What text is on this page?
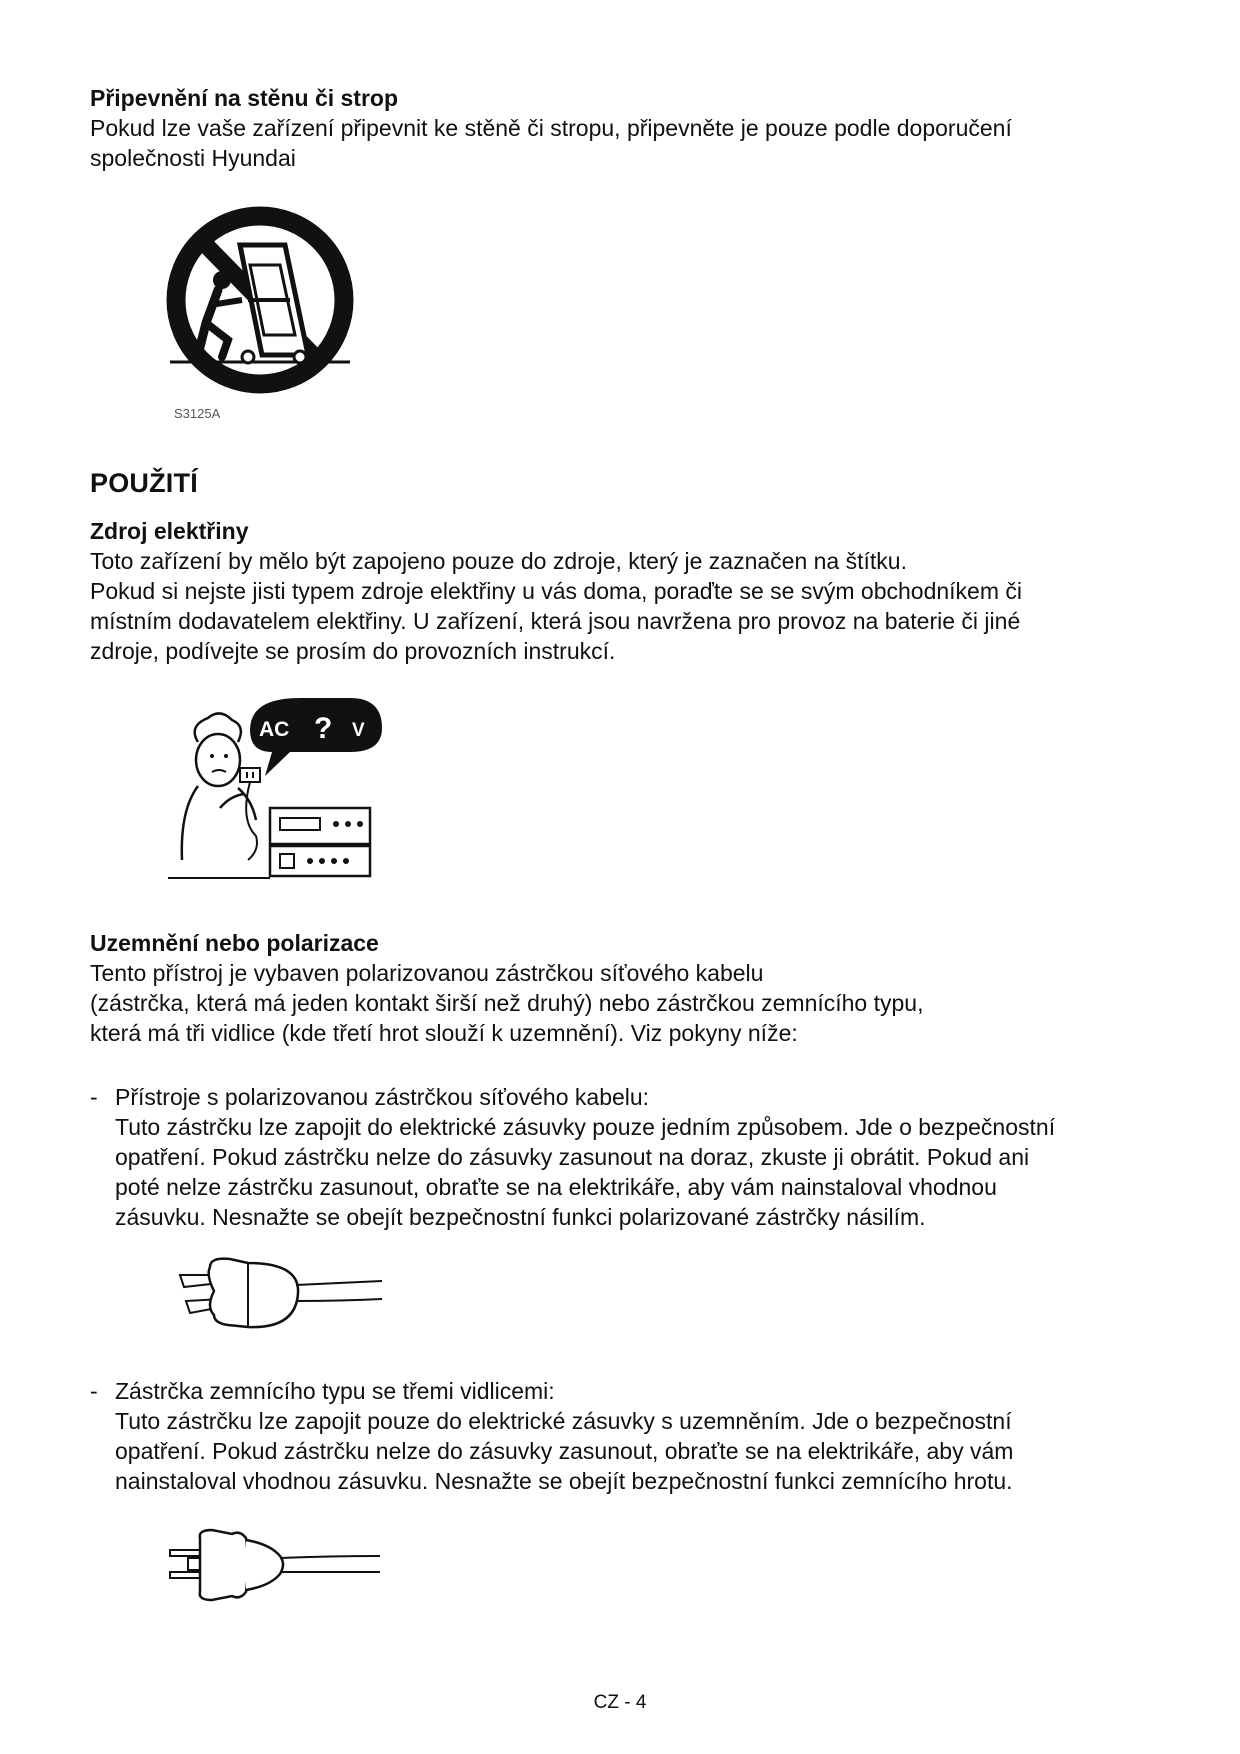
Připevnění na stěnu či strop
Pokud lze vaše zařízení připevnit ke stěně či stropu, připevněte je pouze podle doporučení
společnosti Hyundai
S3125A
POUŽITÍ
Zdroj elektřiny
Toto zařízení by mělo být zapojeno pouze do zdroje, který je zaznačen na štítku.
Pokud si nejste jisti typem zdroje elektřiny u vás doma, poraďte se se svým obchodníkem či
místním dodavatelem elektřiny. U zařízení, která jsou navržena pro provoz na baterie či jiné
zdroje, podívejte se prosím do provozních instrukcí.
AC ? V
Uzemnění nebo polarizace
Tento přístroj je vybaven polarizovanou zástrčkou síťového kabelu
(zástrčka, která má jeden kontakt širší než druhý) nebo zástrčkou zemnícího typu,
která má tři vidlice (kde třetí hrot slouží k uzemnění). Viz pokyny níže:
- Přístroje s polarizovanou zástrčkou síťového kabelu:
Tuto zástrčku lze zapojit do elektrické zásuvky pouze jedním způsobem. Jde o bezpečnostní
opatření. Pokud zástrčku nelze do zásuvky zasunout na doraz, zkuste ji obrátit. Pokud ani
poté nelze zástrčku zasunout, obraťte se na elektrikáře, aby vám nainstaloval vhodnou
zásuvku. Nesnažte se obejít bezpečnostní funkci polarizované zástrčky násilím.
- Zástrčka zemnícího typu se třemi vidlicemi:
Tuto zástrčku lze zapojit pouze do elektrické zásuvky s uzemněním. Jde o bezpečnostní
opatření. Pokud zástrčku nelze do zásuvky zasunout, obraťte se na elektrikáře, aby vám
nainstaloval vhodnou zásuvku. Nesnažte se obejít bezpečnostní funkci zemnícího hrotu.
CZ - 4
